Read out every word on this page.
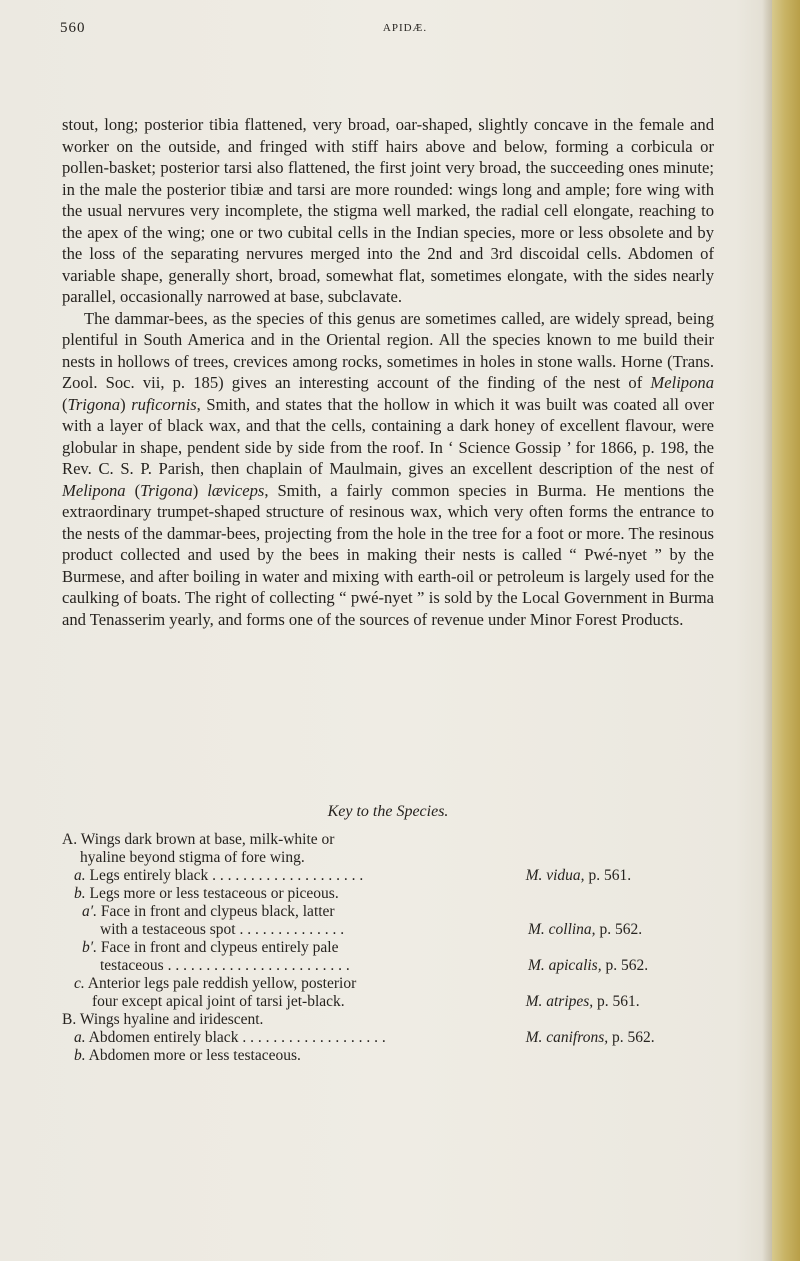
560	APIDÆ.

stout, long; posterior tibia flattened, very broad, oar-shaped, slightly concave in the female and worker on the outside, and fringed with stiff hairs above and below, forming a corbicula or pollen-basket; posterior tarsi also flattened, the first joint very broad, the succeeding ones minute; in the male the posterior tibiæ and tarsi are more rounded: wings long and ample; fore wing with the usual nervures very incomplete, the stigma well marked, the radial cell elongate, reaching to the apex of the wing; one or two cubital cells in the Indian species, more or less obsolete and by the loss of the separating nervures merged into the 2nd and 3rd discoidal cells. Abdomen of variable shape, generally short, broad, somewhat flat, sometimes elongate, with the sides nearly parallel, occasionally narrowed at base, subclavate.

The dammar-bees, as the species of this genus are sometimes called, are widely spread, being plentiful in South America and in the Oriental region. All the species known to me build their nests in hollows of trees, crevices among rocks, sometimes in holes in stone walls. Horne (Trans. Zool. Soc. vii, p. 185) gives an interesting account of the finding of the nest of Melipona (Trigona) ruficornis, Smith, and states that the hollow in which it was built was coated all over with a layer of black wax, and that the cells, containing a dark honey of excellent flavour, were globular in shape, pendent side by side from the roof. In ‘ Science Gossip ’ for 1866, p. 198, the Rev. C. S. P. Parish, then chaplain of Maulmain, gives an excellent description of the nest of Melipona (Trigona) læviceps, Smith, a fairly common species in Burma. He mentions the extraordinary trumpet-shaped structure of resinous wax, which very often forms the entrance to the nests of the dammar-bees, projecting from the hole in the tree for a foot or more. The resinous product collected and used by the bees in making their nests is called “ Pwé-nyet ” by the Burmese, and after boiling in water and mixing with earth-oil or petroleum is largely used for the caulking of boats. The right of collecting “ pwé-nyet ” is sold by the Local Government in Burma and Tenasserim yearly, and forms one of the sources of revenue under Minor Forest Products.

Key to the Species.
A. Wings dark brown at base, milk-white or
hyaline beyond stigma of fore wing.
a. Legs entirely black . . . . . . . . . . . . . . . . . . . .	M. vidua, p. 561.
b. Legs more or less testaceous or piceous.
a′. Face in front and clypeus black, latter
with a testaceous spot . . . . . . . . . . . . . .	M. collina, p. 562.
b′. Face in front and clypeus entirely pale
testaceous . . . . . . . . . . . . . . . . . . . . . . . .	M. apicalis, p. 562.
c. Anterior legs pale reddish yellow, posterior
four except apical joint of tarsi jet-black.	M. atripes, p. 561.
B. Wings hyaline and iridescent.
a. Abdomen entirely black . . . . . . . . . . . . . . . . . . .	M. canifrons, p. 562.
b. Abdomen more or less testaceous.
